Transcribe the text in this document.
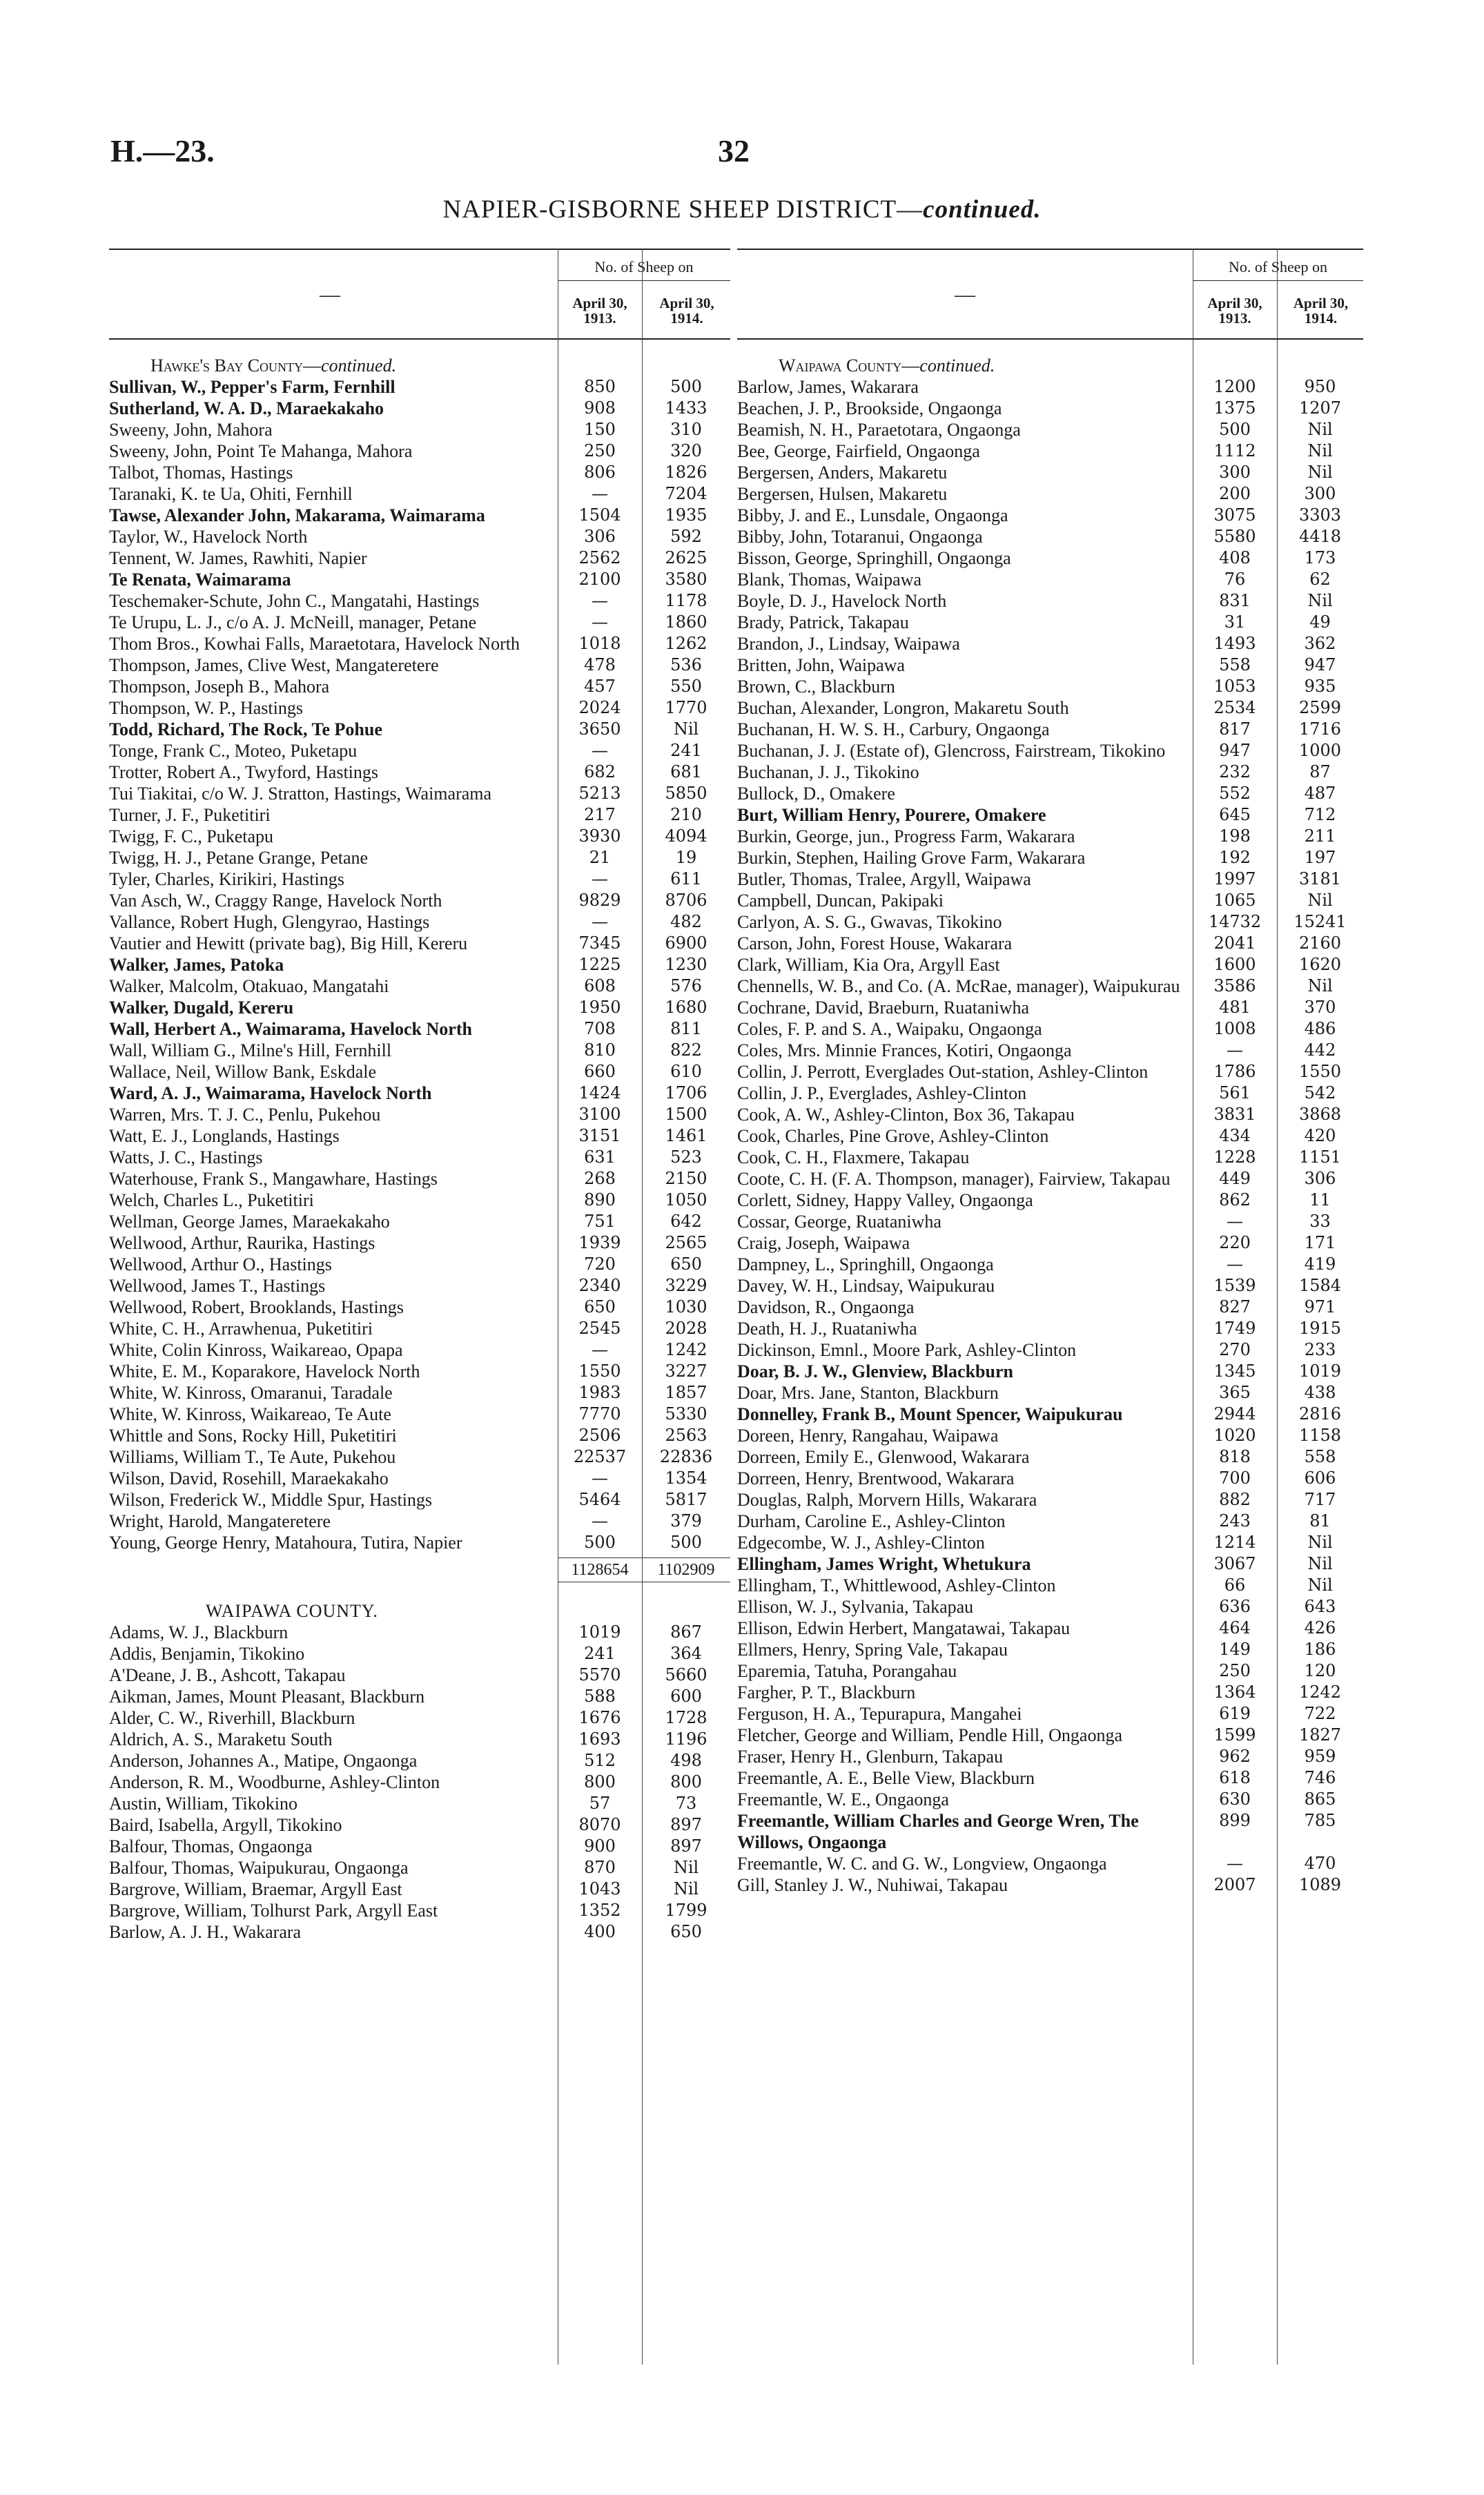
H.—23.	32
NAPIER-GISBORNE SHEEP DISTRICT—continued.
—
No. of Sheep on
April 30, 1913.
April 30, 1914.
Hawke's Bay County—continued.
Sullivan, W., Pepper's Farm, Fernhill	850	500
Sutherland, W. A. D., Maraekakaho	908	1433
Sweeny, John, Mahora	150	310
Sweeny, John, Point Te Mahanga, Mahora	250	320
Talbot, Thomas, Hastings	806	1826
Taranaki, K. te Ua, Ohiti, Fernhill	—	7204
Tawse, Alexander John, Makarama, Waimarama	1504	1935
Taylor, W., Havelock North	306	592
Tennent, W. James, Rawhiti, Napier	2562	2625
Te Renata, Waimarama	2100	3580
Teschemaker-Schute, John C., Mangatahi, Hastings	—	1178
Te Urupu, L. J., c/o A. J. McNeill, manager, Petane	—	1860
Thom Bros., Kowhai Falls, Maraetotara, Havelock North	1018	1262
Thompson, James, Clive West, Mangateretere	478	536
Thompson, Joseph B., Mahora	457	550
Thompson, W. P., Hastings	2024	1770
Todd, Richard, The Rock, Te Pohue	3650	Nil
Tonge, Frank C., Moteo, Puketapu	—	241
Trotter, Robert A., Twyford, Hastings	682	681
Tui Tiakitai, c/o W. J. Stratton, Hastings, Waimarama	5213	5850
Turner, J. F., Puketitiri	217	210
Twigg, F. C., Puketapu	3930	4094
Twigg, H. J., Petane Grange, Petane	21	19
Tyler, Charles, Kirikiri, Hastings	—	611
Van Asch, W., Craggy Range, Havelock North	9829	8706
Vallance, Robert Hugh, Glengyrao, Hastings	—	482
Vautier and Hewitt (private bag), Big Hill, Kereru	7345	6900
Walker, James, Patoka	1225	1230
Walker, Malcolm, Otakuao, Mangatahi	608	576
Walker, Dugald, Kereru	1950	1680
Wall, Herbert A., Waimarama, Havelock North	708	811
Wall, William G., Milne's Hill, Fernhill	810	822
Wallace, Neil, Willow Bank, Eskdale	660	610
Ward, A. J., Waimarama, Havelock North	1424	1706
Warren, Mrs. T. J. C., Penlu, Pukehou	3100	1500
Watt, E. J., Longlands, Hastings	3151	1461
Watts, J. C., Hastings	631	523
Waterhouse, Frank S., Mangawhare, Hastings	268	2150
Welch, Charles L., Puketitiri	890	1050
Wellman, George James, Maraekakaho	751	642
Wellwood, Arthur, Raurika, Hastings	1939	2565
Wellwood, Arthur O., Hastings	720	650
Wellwood, James T., Hastings	2340	3229
Wellwood, Robert, Brooklands, Hastings	650	1030
White, C. H., Arrawhenua, Puketitiri	2545	2028
White, Colin Kinross, Waikareao, Opapa	—	1242
White, E. M., Koparakore, Havelock North	1550	3227
White, W. Kinross, Omaranui, Taradale	1983	1857
White, W. Kinross, Waikareao, Te Aute	7770	5330
Whittle and Sons, Rocky Hill, Puketitiri	2506	2563
Williams, William T., Te Aute, Pukehou	22537	22836
Wilson, David, Rosehill, Maraekakaho	—	1354
Wilson, Frederick W., Middle Spur, Hastings	5464	5817
Wright, Harold, Mangateretere	—	379
Young, George Henry, Matahoura, Tutira, Napier	500	500
1128654	1102909
WAIPAWA COUNTY.
Adams, W. J., Blackburn	1019	867
Addis, Benjamin, Tikokino	241	364
A'Deane, J. B., Ashcott, Takapau	5570	5660
Aikman, James, Mount Pleasant, Blackburn	588	600
Alder, C. W., Riverhill, Blackburn	1676	1728
Aldrich, A. S., Maraketu South	1693	1196
Anderson, Johannes A., Matipe, Ongaonga	512	498
Anderson, R. M., Woodburne, Ashley-Clinton	800	800
Austin, William, Tikokino	57	73
Baird, Isabella, Argyll, Tikokino	8070	897
Balfour, Thomas, Ongaonga	900	897
Balfour, Thomas, Waipukurau, Ongaonga	870	Nil
Bargrove, William, Braemar, Argyll East	1043	Nil
Bargrove, William, Tolhurst Park, Argyll East	1352	1799
Barlow, A. J. H., Wakarara	400	650
—
No. of Sheep on
April 30, 1913.
April 30, 1914.
Waipawa County—continued.
Barlow, James, Wakarara	1200	950
Beachen, J. P., Brookside, Ongaonga	1375	1207
Beamish, N. H., Paraetotara, Ongaonga	500	Nil
Bee, George, Fairfield, Ongaonga	1112	Nil
Bergersen, Anders, Makaretu	300	Nil
Bergersen, Hulsen, Makaretu	200	300
Bibby, J. and E., Lunsdale, Ongaonga	3075	3303
Bibby, John, Totaranui, Ongaonga	5580	4418
Bisson, George, Springhill, Ongaonga	408	173
Blank, Thomas, Waipawa	76	62
Boyle, D. J., Havelock North	831	Nil
Brady, Patrick, Takapau	31	49
Brandon, J., Lindsay, Waipawa	1493	362
Britten, John, Waipawa	558	947
Brown, C., Blackburn	1053	935
Buchan, Alexander, Longron, Makaretu South	2534	2599
Buchanan, H. W. S. H., Carbury, Ongaonga	817	1716
Buchanan, J. J. (Estate of), Glencross, Fairstream, Tikokino	947	1000
Buchanan, J. J., Tikokino	232	87
Bullock, D., Omakere	552	487
Burt, William Henry, Pourere, Omakere	645	712
Burkin, George, jun., Progress Farm, Wakarara	198	211
Burkin, Stephen, Hailing Grove Farm, Wakarara	192	197
Butler, Thomas, Tralee, Argyll, Waipawa	1997	3181
Campbell, Duncan, Pakipaki	1065	Nil
Carlyon, A. S. G., Gwavas, Tikokino	14732	15241
Carson, John, Forest House, Wakarara	2041	2160
Clark, William, Kia Ora, Argyll East	1600	1620
Chennells, W. B., and Co. (A. McRae, manager), Waipukurau	3586	Nil
Cochrane, David, Braeburn, Ruataniwha	481	370
Coles, F. P. and S. A., Waipaku, Ongaonga	1008	486
Coles, Mrs. Minnie Frances, Kotiri, Ongaonga	—	442
Collin, J. Perrott, Everglades Out-station, Ashley-Clinton	1786	1550
Collin, J. P., Everglades, Ashley-Clinton	561	542
Cook, A. W., Ashley-Clinton, Box 36, Takapau	3831	3868
Cook, Charles, Pine Grove, Ashley-Clinton	434	420
Cook, C. H., Flaxmere, Takapau	1228	1151
Coote, C. H. (F. A. Thompson, manager), Fairview, Takapau	449	306
Corlett, Sidney, Happy Valley, Ongaonga	862	11
Cossar, George, Ruataniwha	—	33
Craig, Joseph, Waipawa	220	171
Dampney, L., Springhill, Ongaonga	—	419
Davey, W. H., Lindsay, Waipukurau	1539	1584
Davidson, R., Ongaonga	827	971
Death, H. J., Ruataniwha	1749	1915
Dickinson, Emnl., Moore Park, Ashley-Clinton	270	233
Doar, B. J. W., Glenview, Blackburn	1345	1019
Doar, Mrs. Jane, Stanton, Blackburn	365	438
Donnelley, Frank B., Mount Spencer, Waipukurau	2944	2816
Doreen, Henry, Rangahau, Waipawa	1020	1158
Dorreen, Emily E., Glenwood, Wakarara	818	558
Dorreen, Henry, Brentwood, Wakarara	700	606
Douglas, Ralph, Morvern Hills, Wakarara	882	717
Durham, Caroline E., Ashley-Clinton	243	81
Edgecombe, W. J., Ashley-Clinton	1214	Nil
Ellingham, James Wright, Whetukura	3067	Nil
Ellingham, T., Whittlewood, Ashley-Clinton	66	Nil
Ellison, W. J., Sylvania, Takapau	636	643
Ellison, Edwin Herbert, Mangatawai, Takapau	464	426
Ellmers, Henry, Spring Vale, Takapau	149	186
Eparemia, Tatuha, Porangahau	250	120
Fargher, P. T., Blackburn	1364	1242
Ferguson, H. A., Tepurapura, Mangahei	619	722
Fletcher, George and William, Pendle Hill, Ongaonga	1599	1827
Fraser, Henry H., Glenburn, Takapau	962	959
Freemantle, A. E., Belle View, Blackburn	618	746
Freemantle, W. E., Ongaonga	630	865
Freemantle, William Charles and George Wren, The Willows, Ongaonga
899	785
Freemantle, W. C. and G. W., Longview, Ongaonga	—	470
Gill, Stanley J. W., Nuhiwai, Takapau	2007	1089
